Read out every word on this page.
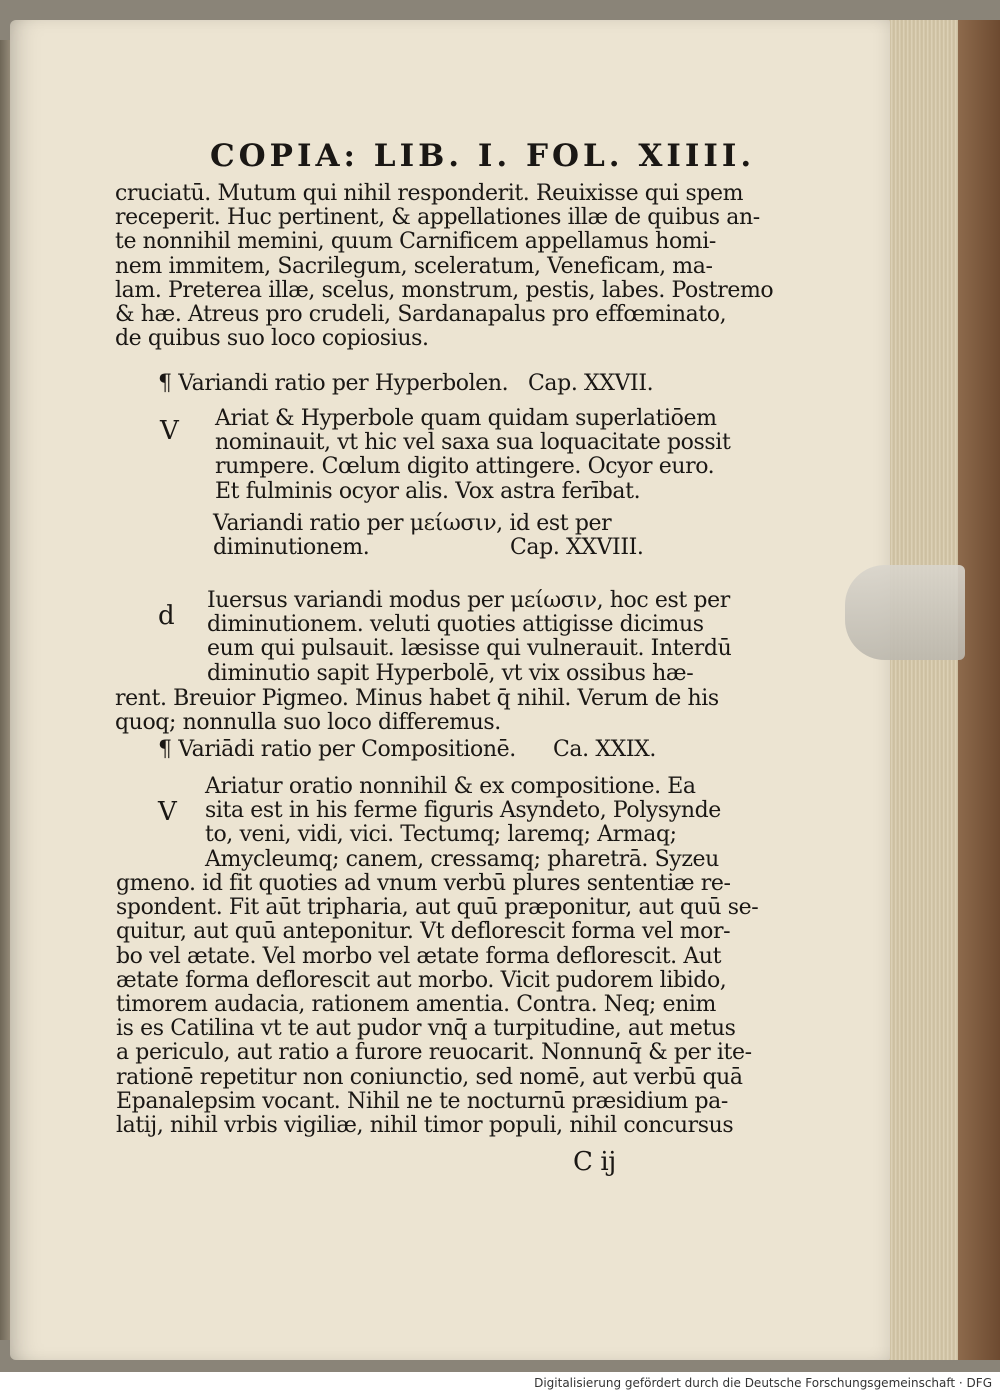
COPIA: LIB. I. FOL. XIIII.
cruciatū. Mutum qui nihil responderit. Reuixisse qui spem
receperit. Huc pertinent, & appellationes illæ de quibus an-
te nonnihil memini, quum Carnificem appellamus homi-
nem immitem, Sacrilegum, sceleratum, Veneficam, ma-
lam. Preterea illæ, scelus, monstrum, pestis, labes. Postremo
& hæ. Atreus pro crudeli, Sardanapalus pro effœminato,
de quibus suo loco copiosius.
¶ Variandi ratio per Hyperbolen. Cap. XXVII.
V Ariat & Hyperbole quam quidam superlatiōem
nominauit, vt hic vel saxa sua loquacitate possit
rumpere. Cœlum digito attingere. Ocyor euro.
Et fulminis ocyor alis. Vox astra ferībat.
Variandi ratio per μείωσιν, id est per
diminutionem.	Cap. XXVIII.
d
Iuersus variandi modus per μείωσιν, hoc est per
diminutionem. veluti quoties attigisse dicimus
eum qui pulsauit. læsisse qui vulnerauit. Interdū
diminutio sapit Hyperbolē, vt vix ossibus hæ-
rent. Breuior Pigmeo. Minus habet q̄ nihil. Verum de his
quoq; nonnulla suo loco differemus.
¶ Variādi ratio per Compositionē. Ca. XXIX.
V
Ariatur oratio nonnihil & ex compositione. Ea
sita est in his ferme figuris Asyndeto, Polysynde
to, veni, vidi, vici. Tectumq; laremq; Armaq;
Amycleumq; canem, cressamq; pharetrā. Syzeu
gmeno. id fit quoties ad vnum verbū plures sententiæ re-
spondent. Fit aūt tripharia, aut quū præponitur, aut quū se-
quitur, aut quū anteponitur. Vt deflorescit forma vel mor-
bo vel ætate. Vel morbo vel ætate forma deflorescit. Aut
ætate forma deflorescit aut morbo. Vicit pudorem libido,
timorem audacia, rationem amentia. Contra. Neq; enim
is es Catilina vt te aut pudor vnq̄ a turpitudine, aut metus
a periculo, aut ratio a furore reuocarit. Nonnunq̄ & per ite-
rationē repetitur non coniunctio, sed nomē, aut verbū quā
Epanalepsim vocant. Nihil ne te nocturnū præsidium pa-
latij, nihil vrbis vigiliæ, nihil timor populi, nihil concursus
C ij
Digitalisierung gefördert durch die Deutsche Forschungsgemeinschaft · DFG
